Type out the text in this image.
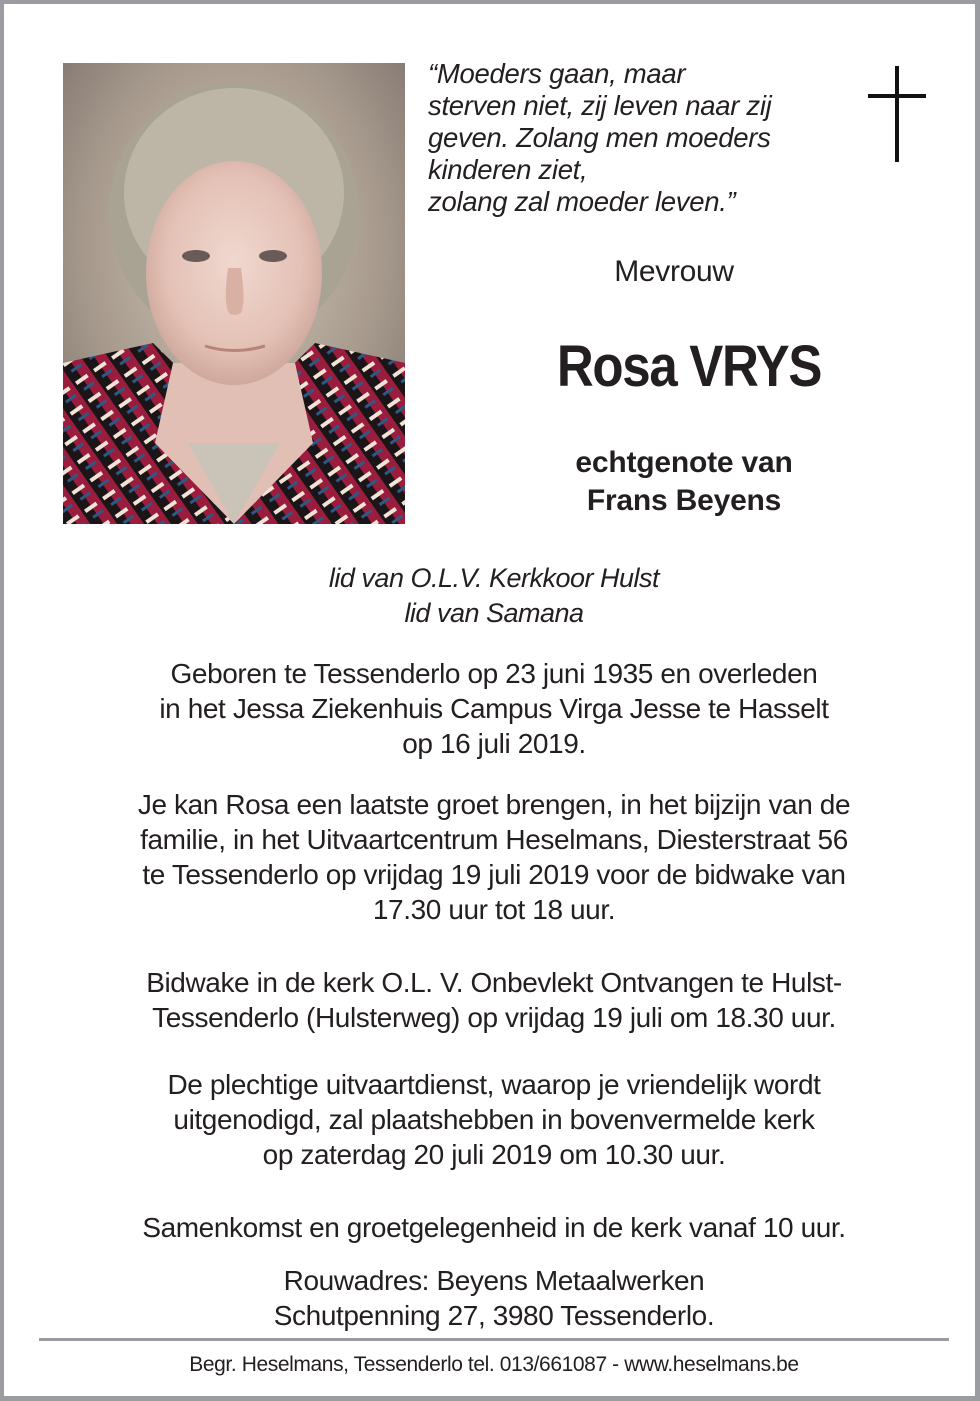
“Moeders gaan, maar
sterven niet, zij leven naar zij
geven. Zolang men moeders
kinderen ziet,
zolang zal moeder leven.”
Mevrouw
Rosa VRYS
echtgenote van
Frans Beyens
lid van O.L.V. Kerkkoor Hulst
lid van Samana
Geboren te Tessenderlo op 23 juni 1935 en overleden
in het Jessa Ziekenhuis Campus Virga Jesse te Hasselt
op 16 juli 2019.
Je kan Rosa een laatste groet brengen, in het bijzijn van de
familie, in het Uitvaartcentrum Heselmans, Diesterstraat 56
te Tessenderlo op vrijdag 19 juli 2019 voor de bidwake van
17.30 uur tot 18 uur.
Bidwake in de kerk O.L. V. Onbevlekt Ontvangen te Hulst-
Tessenderlo (Hulsterweg) op vrijdag 19 juli om 18.30 uur.
De plechtige uitvaartdienst, waarop je vriendelijk wordt
uitgenodigd, zal plaatshebben in bovenvermelde kerk
op zaterdag 20 juli 2019 om 10.30 uur.
Samenkomst en groetgelegenheid in de kerk vanaf 10 uur.
Rouwadres: Beyens Metaalwerken
Schutpenning 27, 3980 Tessenderlo.
Begr. Heselmans, Tessenderlo tel. 013/661087 - www.heselmans.be
